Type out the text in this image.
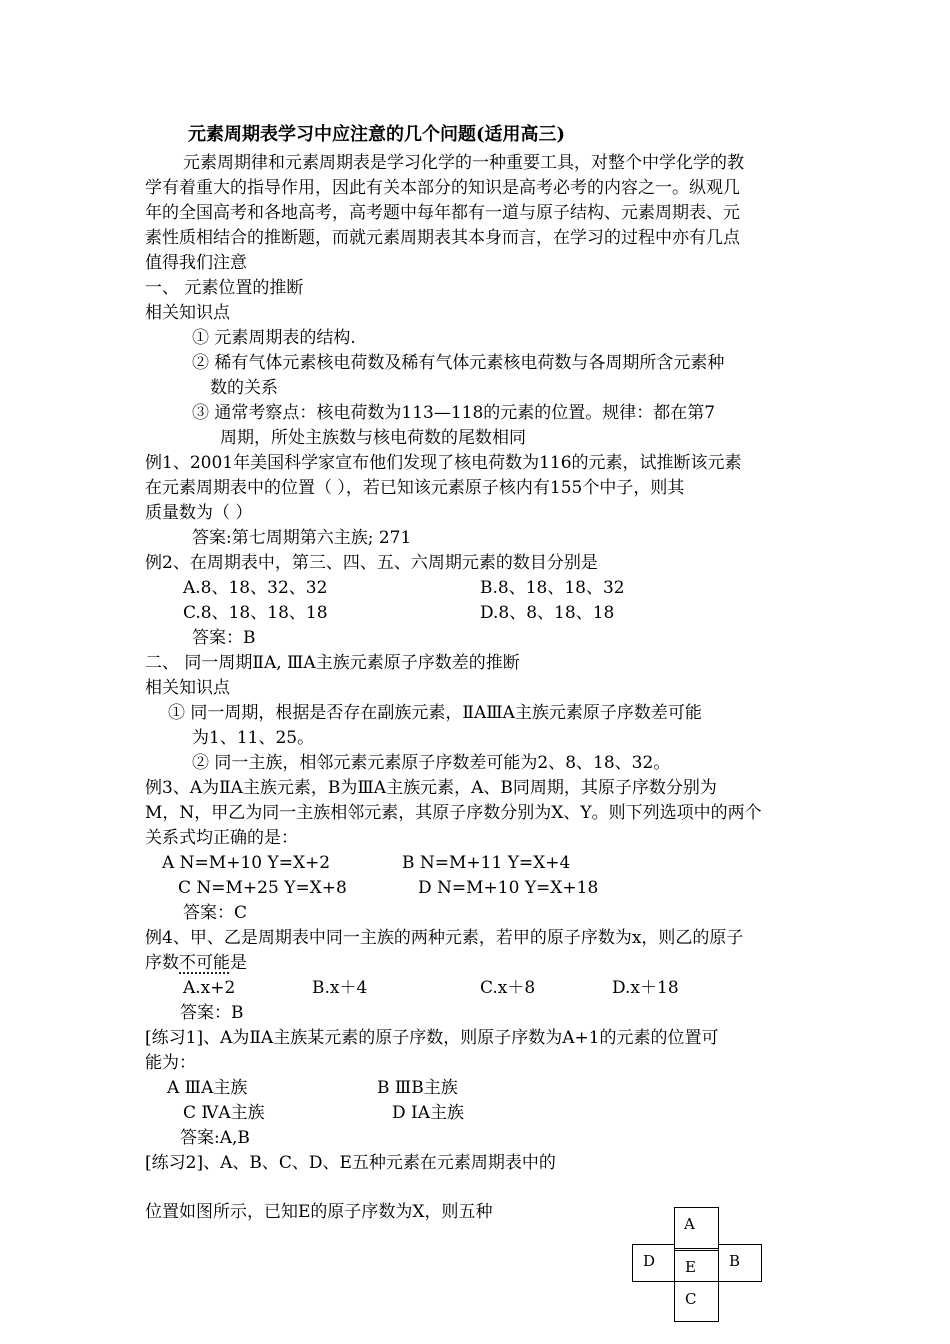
元素周期表学习中应注意的几个问题(适用高三)
元素周期律和元素周期表是学习化学的一种重要工具，对整个中学化学的教
学有着重大的指导作用，因此有关本部分的知识是高考必考的内容之一。纵观几
年的全国高考和各地高考，高考题中每年都有一道与原子结构、元素周期表、元
素性质相结合的推断题，而就元素周期表其本身而言，在学习的过程中亦有几点
值得我们注意
一、 元素位置的推断
相关知识点
① 元素周期表的结构.
② 稀有气体元素核电荷数及稀有气体元素核电荷数与各周期所含元素种
数的关系
③ 通常考察点：核电荷数为113—118的元素的位置。规律：都在第7
周期，所处主族数与核电荷数的尾数相同
例1、2001年美国科学家宣布他们发现了核电荷数为116的元素，试推断该元素
在元素周期表中的位置（ ），若已知该元素原子核内有155个中子，则其
质量数为（ ）
答案:第七周期第六主族; 271
例2、在周期表中，第三、四、五、六周期元素的数目分别是
A.8、18、32、32	B.8、18、18、32
C.8、18、18、18	D.8、8、18、18
答案：B
二、 同一周期ⅡA, ⅢA主族元素原子序数差的推断
相关知识点
① 同一周期，根据是否存在副族元素，ⅡAⅢA主族元素原子序数差可能
为1、11、25。
② 同一主族，相邻元素元素原子序数差可能为2、8、18、32。
例3、A为ⅡA主族元素，B为ⅢA主族元素，A、B同周期，其原子序数分别为
M，N，甲乙为同一主族相邻元素，其原子序数分别为X、Y。则下列选项中的两个
关系式均正确的是：
A N=M+10 Y=X+2	B N=M+11 Y=X+4
C N=M+25 Y=X+8	D N=M+10 Y=X+18
答案：C
例4、甲、乙是周期表中同一主族的两种元素，若甲的原子序数为x，则乙的原子
序数不可能是
A.x+2	B.x＋4	C.x＋8	D.x＋18
答案：B
[练习1]、A为ⅡA主族某元素的原子序数，则原子序数为A+1的元素的位置可
能为：
A ⅢA主族	B ⅢB主族
C ⅣA主族	D ⅠA主族
答案:A,B
[练习2]、A、B、C、D、E五种元素在元素周期表中的
位置如图所示，已知E的原子序数为X，则五种
A
D E B
C
